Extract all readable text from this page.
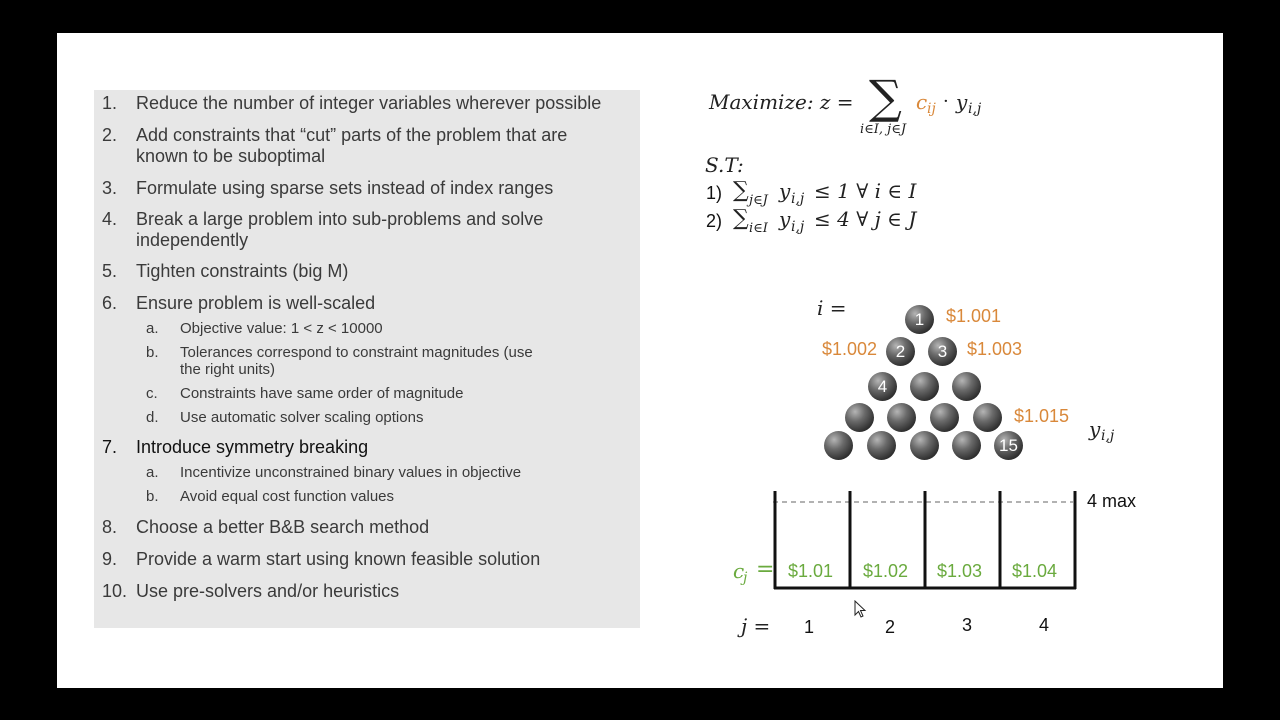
1.	Reduce the number of integer variables wherever possible
2.	Add constraints that “cut” parts of the problem that are known to be suboptimal
3.	Formulate using sparse sets instead of index ranges
4.	Break a large problem into sub-problems and solve independently
5.	Tighten constraints (big M)
6.	Ensure problem is well-scaled
a. Objective value: 1 < z < 10000
b. Tolerances correspond to constraint magnitudes (use the right units)
c. Constraints have same order of magnitude
d. Use automatic solver scaling options
7.	Introduce symmetry breaking
a. Incentivize unconstrained binary values in objective
b. Avoid equal cost function values
8.	Choose a better B&B search method
9.	Provide a warm start using known feasible solution
10. Use pre-solvers and/or heuristics
Maximize: z = ∑
i∈I, j∈J
c ij · y i,j
S.T:
1) ∑ j∈J y i,j ≤ 1 ∀ i ∈ I
2) ∑ i∈I y i,j ≤ 4 ∀ j ∈ J
i =	1
2	3
4
15
$1.001
$1.002	$1.003
$1.015
y i,j
4 max
c
j = $1.01 $1.02 $1.03 $1.04
j = 1	2	3	4
